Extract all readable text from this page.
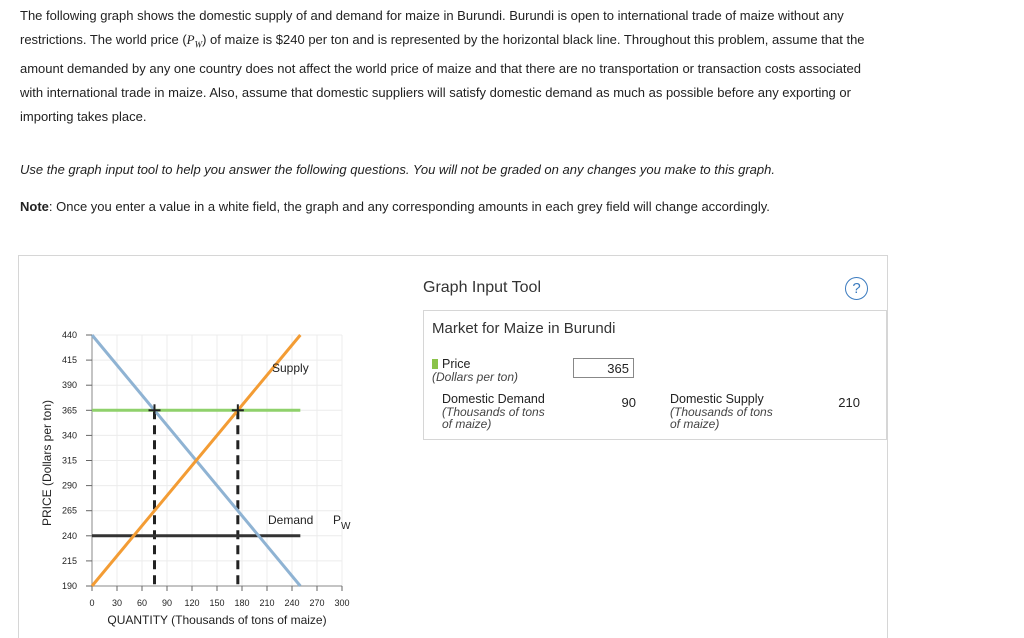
The following graph shows the domestic supply of and demand for maize in Burundi. Burundi is open to international trade of maize without any
restrictions. The world price $(P_W)$ of maize is $240 per ton and is represented by the horizontal black line. Throughout this problem, assume that the
amount demanded by any one country does not affect the world price of maize and that there are no transportation or transaction costs associated
with international trade in maize. Also, assume that domestic suppliers will satisfy domestic demand as much as possible before any exporting or
importing takes place.
Use the graph input tool to help you answer the following questions. You will not be graded on any changes you make to this graph.
Note: Once you enter a value in a white field, the graph and any corresponding amounts in each grey field will change accordingly.
190
215
240
265
290
315
340
365
390
415
440
0 30 60 90 120 150 180 210 240 270 300
PRICE (Dollars per ton)
QUANTITY (Thousands of tons of maize)
Supply
Demand $P_W$
Graph Input Tool	?
Market for Maize in Burundi
Price
(Dollars per ton)
365
Domestic Demand
(Thousands of tons
of maize)
90	Domestic Supply
(Thousands of tons
of maize)
210
